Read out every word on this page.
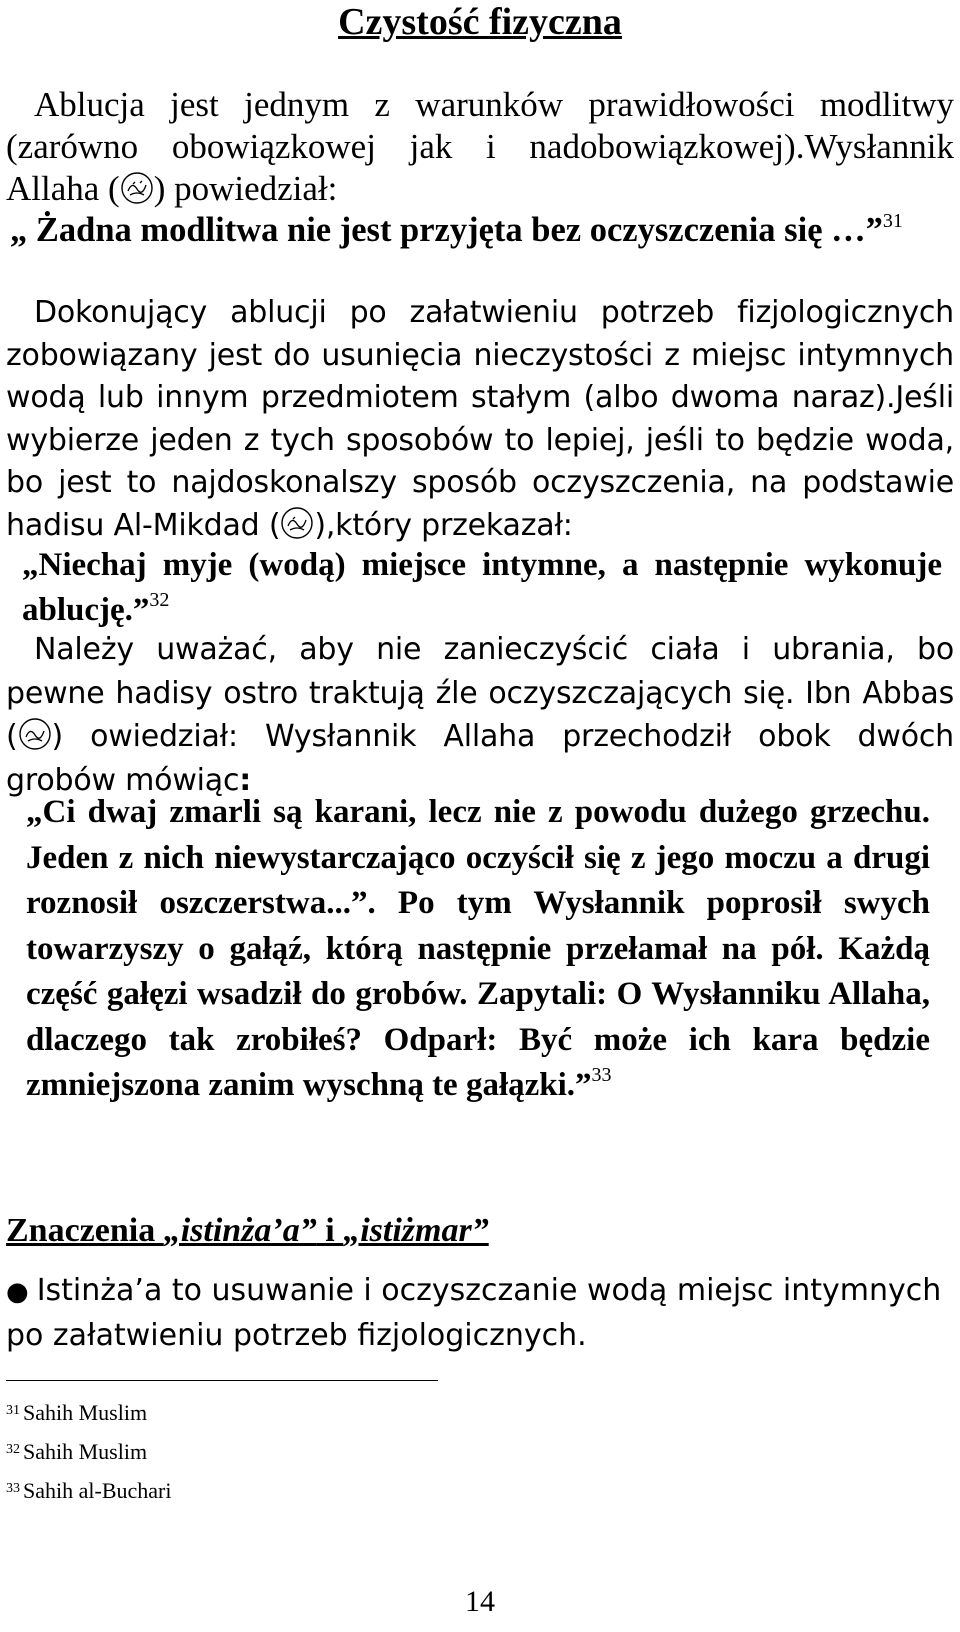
Czystość fizyczna
Ablucja jest jednym z warunków prawidłowości modlitwy (zarówno obowiązkowej jak i nadobowiązkowej).Wysłannik Allaha ( ) powiedział:
„ Żadna modlitwa nie jest przyjęta bez oczyszczenia się …”$^{31}$
Dokonujący ablucji po załatwieniu potrzeb fizjologicznych zobowiązany jest do usunięcia nieczystości z miejsc intymnych wodą lub innym przedmiotem stałym (albo dwoma naraz).Jeśli wybierze jeden z tych sposobów to lepiej, jeśli to będzie woda, bo jest to najdoskonalszy sposób oczyszczenia, na podstawie hadisu Al-Mikdad ( ),który przekazał:
„Niechaj myje (wodą) miejsce intymne, a następnie wykonuje ablucję.”$^{32}$
Należy uważać, aby nie zanieczyścić ciała i ubrania, bo pewne hadisy ostro traktują źle oczyszczających się. Ibn Abbas ( ) owiedział: Wysłannik Allaha przechodził obok dwóch grobów mówiąc:
„Ci dwaj zmarli są karani, lecz nie z powodu dużego grzechu. Jeden z nich niewystarczająco oczyścił się z jego moczu a drugi roznosił oszczerstwa...”. Po tym Wysłannik poprosił swych towarzyszy o gałąź, którą następnie przełamał na pół. Każdą część gałęzi wsadził do grobów. Zapytali: O Wysłanniku Allaha, dlaczego tak zrobiłeś? Odparł: Być może ich kara będzie zmniejszona zanim wyschną te gałązki.”$^{33}$
Znaczenia „istinża’a” i „istiżmar”
● Istinża’a to usuwanie i oczyszczanie wodą miejsc intymnych po załatwieniu potrzeb fizjologicznych.
$^{31}$ Sahih Muslim
$^{32}$ Sahih Muslim
$^{33}$ Sahih al-Buchari
14
